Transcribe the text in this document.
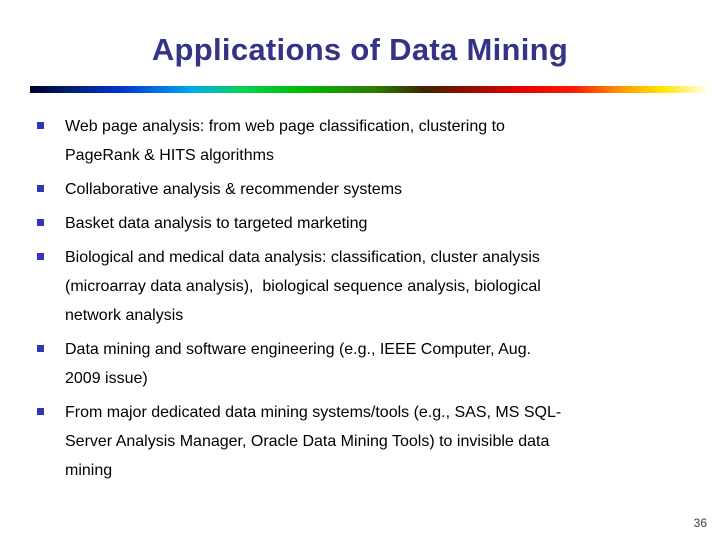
Applications of Data Mining
Web page analysis: from web page classification, clustering to
PageRank & HITS algorithms
Collaborative analysis & recommender systems
Basket data analysis to targeted marketing
Biological and medical data analysis: classification, cluster analysis
(microarray data analysis),  biological sequence analysis, biological
network analysis
Data mining and software engineering (e.g., IEEE Computer, Aug.
2009 issue)
From major dedicated data mining systems/tools (e.g., SAS, MS SQL-
Server Analysis Manager, Oracle Data Mining Tools) to invisible data
mining
36
